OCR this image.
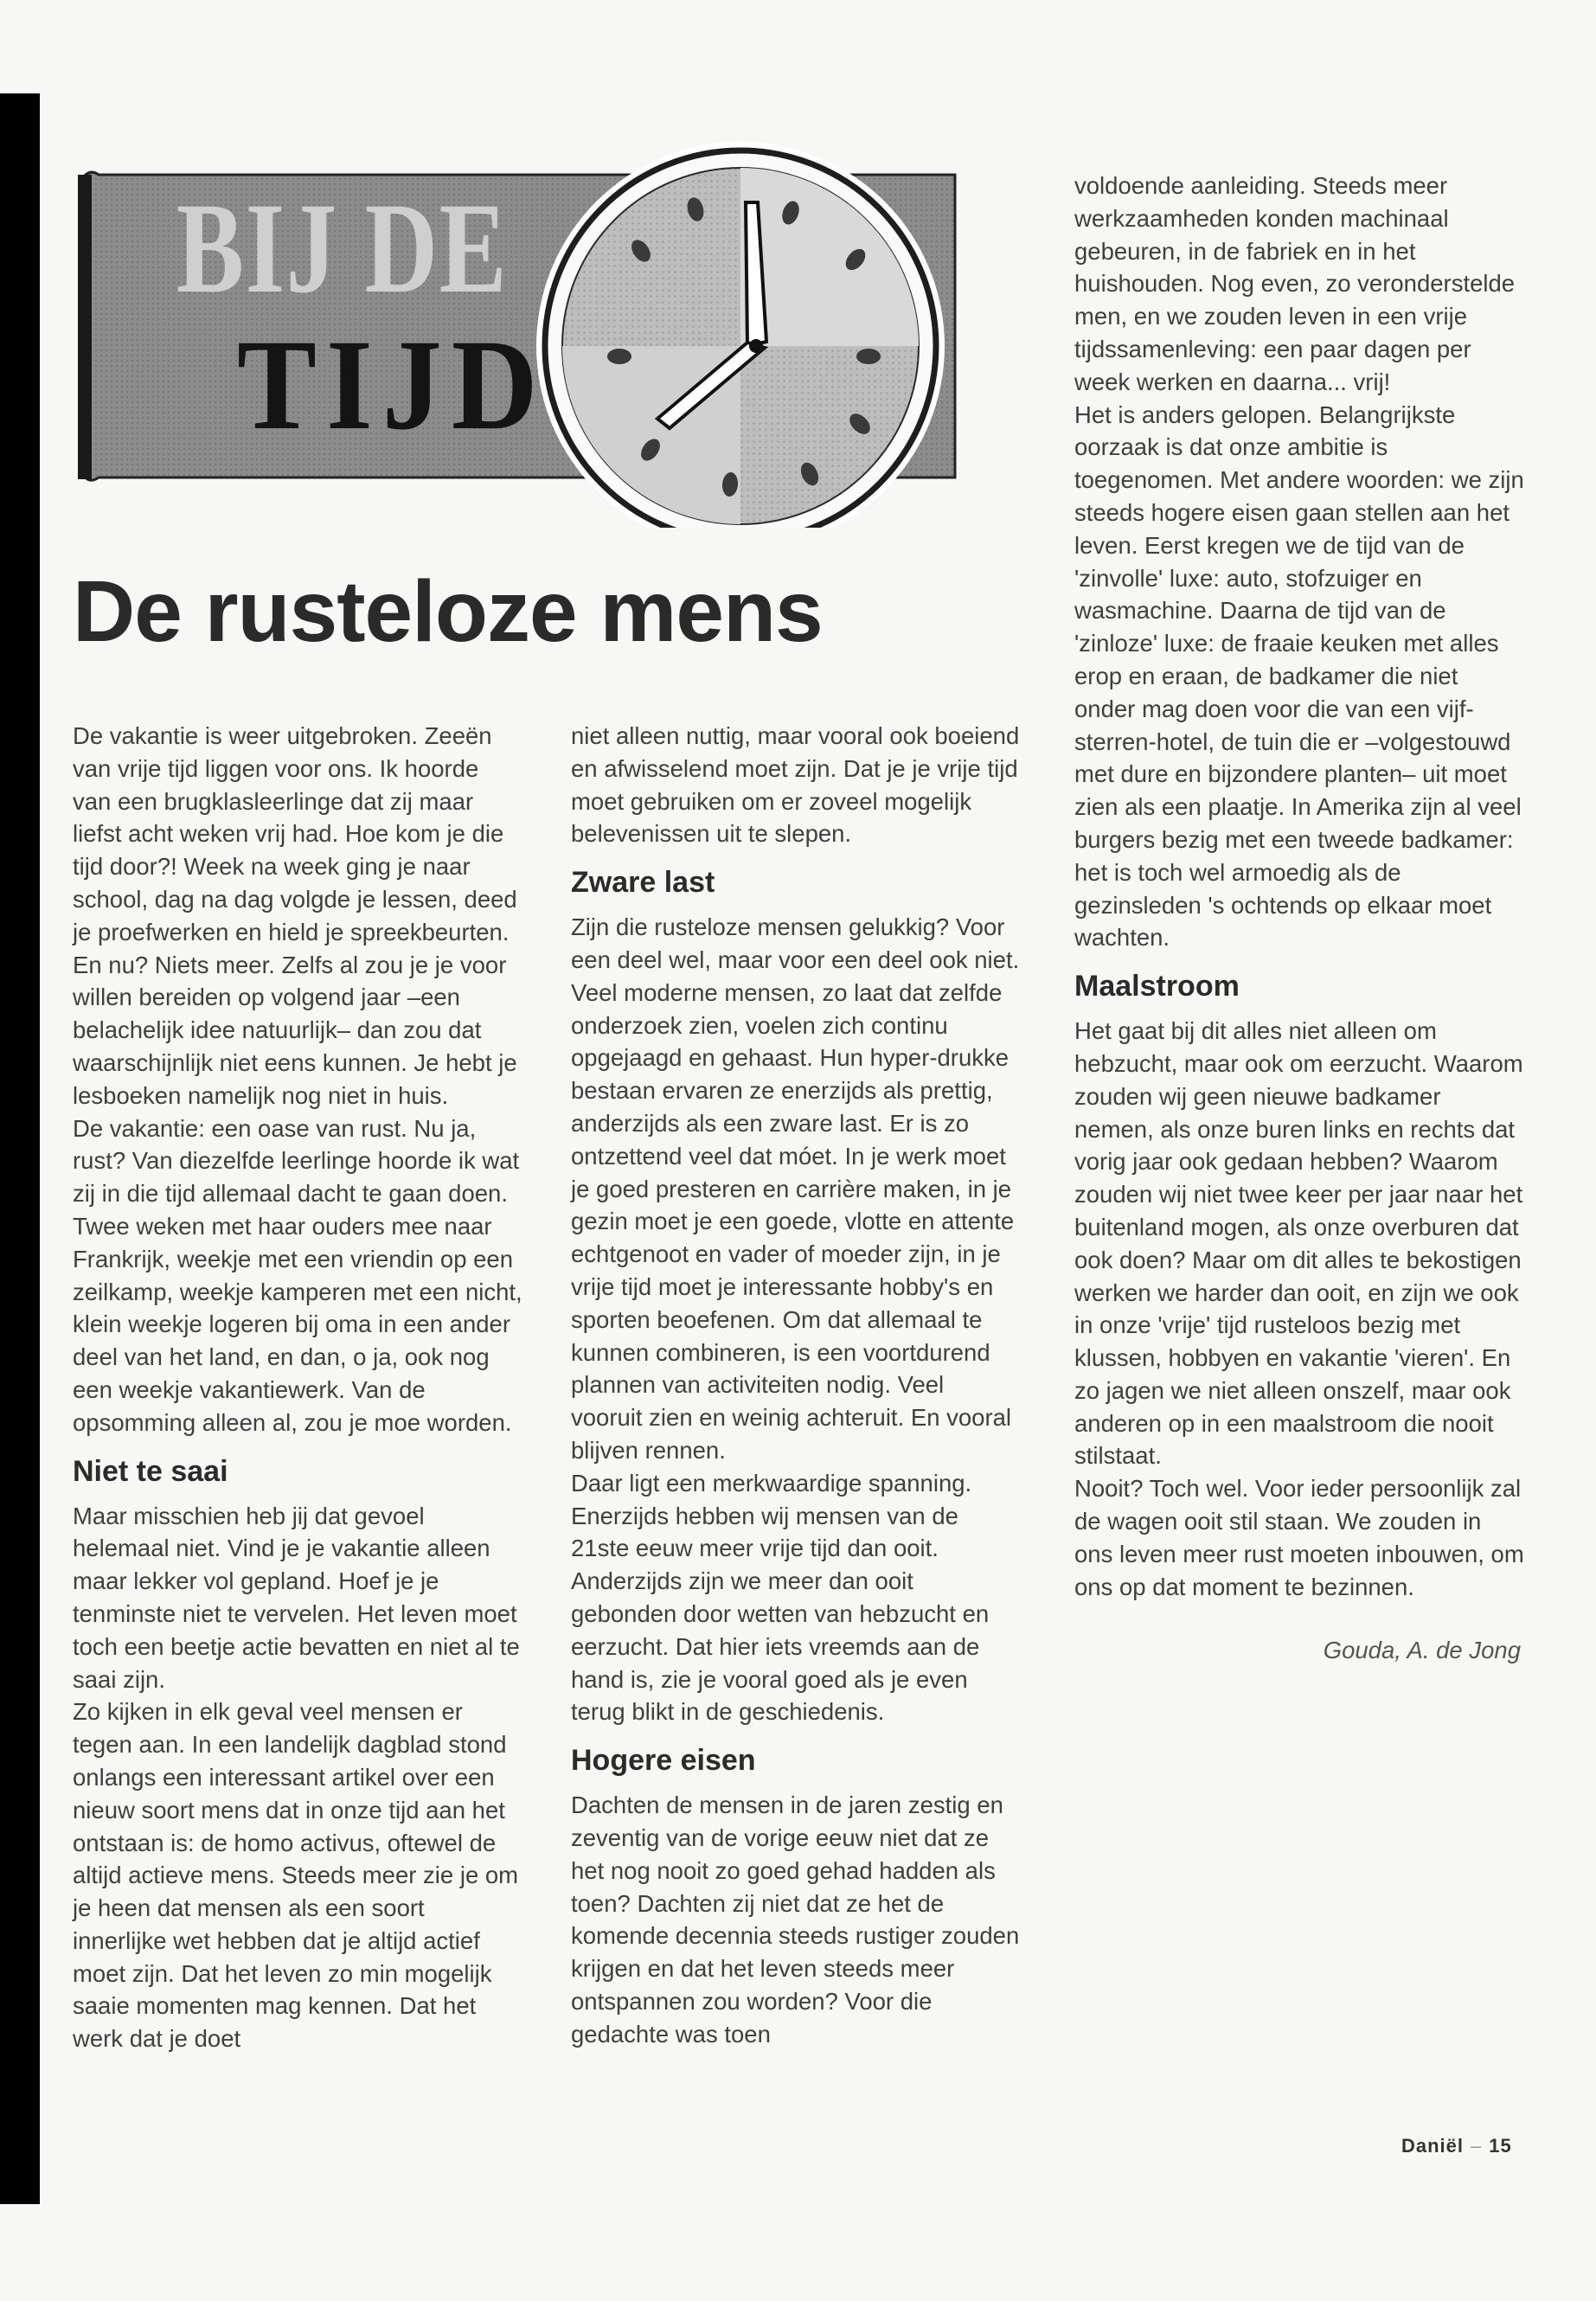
BIJ DE
TIJD
De rusteloze mens

De vakantie is weer uitgebroken. Zeeën van vrije tijd liggen voor ons. Ik hoorde van een brugklasleerlinge dat zij maar liefst acht weken vrij had. Hoe kom je die tijd door?! Week na week ging je naar school, dag na dag volgde je lessen, deed je proefwerken en hield je spreekbeurten. En nu? Niets meer. Zelfs al zou je je voor willen bereiden op volgend jaar –een belachelijk idee natuurlijk– dan zou dat waarschijnlijk niet eens kunnen. Je hebt je lesboeken namelijk nog niet in huis.

De vakantie: een oase van rust. Nu ja, rust? Van diezelfde leerlinge hoorde ik wat zij in die tijd allemaal dacht te gaan doen. Twee weken met haar ouders mee naar Frankrijk, weekje met een vriendin op een zeilkamp, weekje kamperen met een nicht, klein weekje logeren bij oma in een ander deel van het land, en dan, o ja, ook nog een weekje vakantiewerk. Van de opsomming alleen al, zou je moe worden.

Niet te saai

Maar misschien heb jij dat gevoel helemaal niet. Vind je je vakantie alleen maar lekker vol gepland. Hoef je je tenminste niet te vervelen. Het leven moet toch een beetje actie bevatten en niet al te saai zijn.

Zo kijken in elk geval veel mensen er tegen aan. In een landelijk dagblad stond onlangs een interessant artikel over een nieuw soort mens dat in onze tijd aan het ontstaan is: de homo activus, oftewel de altijd actieve mens. Steeds meer zie je om je heen dat mensen als een soort innerlijke wet hebben dat je altijd actief moet zijn. Dat het leven zo min mogelijk saaie momenten mag kennen. Dat het werk dat je doet

niet alleen nuttig, maar vooral ook boeiend en afwisselend moet zijn. Dat je je vrije tijd moet gebruiken om er zoveel mogelijk belevenissen uit te slepen.

Zware last

Zijn die rusteloze mensen gelukkig? Voor een deel wel, maar voor een deel ook niet. Veel moderne mensen, zo laat dat zelfde onderzoek zien, voelen zich continu opgejaagd en gehaast. Hun hyper-drukke bestaan ervaren ze enerzijds als prettig, anderzijds als een zware last. Er is zo ontzettend veel dat móet. In je werk moet je goed presteren en carrière maken, in je gezin moet je een goede, vlotte en attente echtgenoot en vader of moeder zijn, in je vrije tijd moet je interessante hobby's en sporten beoefenen. Om dat allemaal te kunnen combineren, is een voortdurend plannen van activiteiten nodig. Veel vooruit zien en weinig achteruit. En vooral blijven rennen.

Daar ligt een merkwaardige spanning. Enerzijds hebben wij mensen van de 21ste eeuw meer vrije tijd dan ooit. Anderzijds zijn we meer dan ooit gebonden door wetten van hebzucht en eerzucht. Dat hier iets vreemds aan de hand is, zie je vooral goed als je even terug blikt in de geschiedenis.

Hogere eisen

Dachten de mensen in de jaren zestig en zeventig van de vorige eeuw niet dat ze het nog nooit zo goed gehad hadden als toen? Dachten zij niet dat ze het de komende decennia steeds rustiger zouden krijgen en dat het leven steeds meer ontspannen zou worden? Voor die gedachte was toen

voldoende aanleiding. Steeds meer werkzaamheden konden machinaal gebeuren, in de fabriek en in het huishouden. Nog even, zo veronderstelde men, en we zouden leven in een vrije tijdssamenleving: een paar dagen per week werken en daarna... vrij!

Het is anders gelopen. Belangrijkste oorzaak is dat onze ambitie is toegenomen. Met andere woorden: we zijn steeds hogere eisen gaan stellen aan het leven. Eerst kregen we de tijd van de 'zinvolle' luxe: auto, stofzuiger en wasmachine. Daarna de tijd van de 'zinloze' luxe: de fraaie keuken met alles erop en eraan, de badkamer die niet onder mag doen voor die van een vijf-sterren-hotel, de tuin die er –volgestouwd met dure en bijzondere planten– uit moet zien als een plaatje. In Amerika zijn al veel burgers bezig met een tweede badkamer: het is toch wel armoedig als de gezinsleden 's ochtends op elkaar moet wachten.

Maalstroom

Het gaat bij dit alles niet alleen om hebzucht, maar ook om eerzucht. Waarom zouden wij geen nieuwe badkamer nemen, als onze buren links en rechts dat vorig jaar ook gedaan hebben? Waarom zouden wij niet twee keer per jaar naar het buitenland mogen, als onze overburen dat ook doen? Maar om dit alles te bekostigen werken we harder dan ooit, en zijn we ook in onze 'vrije' tijd rusteloos bezig met klussen, hobbyen en vakantie 'vieren'. En zo jagen we niet alleen onszelf, maar ook anderen op in een maalstroom die nooit stilstaat.

Nooit? Toch wel. Voor ieder persoonlijk zal de wagen ooit stil staan. We zouden in ons leven meer rust moeten inbouwen, om ons op dat moment te bezinnen.

Gouda, A. de Jong

Daniël – 15
